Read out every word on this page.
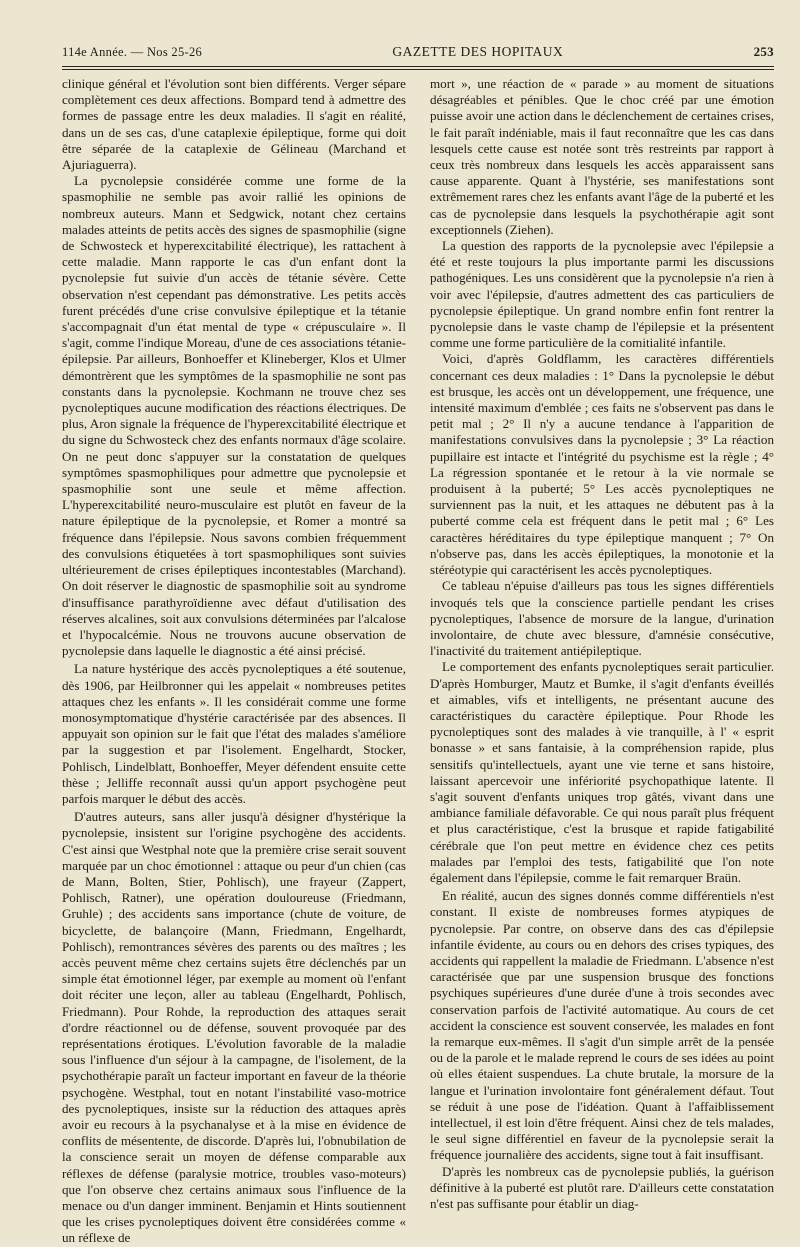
114e Année. — Nos 25-26	GAZETTE DES HOPITAUX	253

clinique général et l'évolution sont bien différents. Verger sépare complètement ces deux affections. Bompard tend à admettre des formes de passage entre les deux maladies. Il s'agit en réalité, dans un de ses cas, d'une cataplexie épileptique, forme qui doit être séparée de la cataplexie de Gélineau (Marchand et Ajuriaguerra).

La pycnolepsie considérée comme une forme de la spasmophilie ne semble pas avoir rallié les opinions de nombreux auteurs. Mann et Sedgwick, notant chez certains malades atteints de petits accès des signes de spasmophilie (signe de Schwosteck et hyperexcitabilité électrique), les rattachent à cette maladie. Mann rapporte le cas d'un enfant dont la pycnolepsie fut suivie d'un accès de tétanie sévère. Cette observation n'est cependant pas démonstrative. Les petits accès furent précédés d'une crise convulsive épileptique et la tétanie s'accompagnait d'un état mental de type « crépusculaire ». Il s'agit, comme l'indique Moreau, d'une de ces associations tétanie-épilepsie. Par ailleurs, Bonhoeffer et Klineberger, Klos et Ulmer démontrèrent que les symptômes de la spasmophilie ne sont pas constants dans la pycnolepsie. Kochmann ne trouve chez ses pycnoleptiques aucune modification des réactions électriques. De plus, Aron signale la fréquence de l'hyperexcitabilité électrique et du signe du Schwosteck chez des enfants normaux d'âge scolaire. On ne peut donc s'appuyer sur la constatation de quelques symptômes spasmophiliques pour admettre que pycnolepsie et spasmophilie sont une seule et même affection. L'hyperexcitabilité neuro-musculaire est plutôt en faveur de la nature épileptique de la pycnolepsie, et Romer a montré sa fréquence dans l'épilepsie. Nous savons combien fréquemment des convulsions étiquetées à tort spasmophiliques sont suivies ultérieurement de crises épileptiques incontestables (Marchand). On doit réserver le diagnostic de spasmophilie soit au syndrome d'insuffisance parathyroïdienne avec défaut d'utilisation des réserves alcalines, soit aux convulsions déterminées par l'alcalose et l'hypocalcémie. Nous ne trouvons aucune observation de pycnolepsie dans laquelle le diagnostic a été ainsi précisé.

La nature hystérique des accès pycnoleptiques a été soutenue, dès 1906, par Heilbronner qui les appelait « nombreuses petites attaques chez les enfants ». Il les considérait comme une forme monosymptomatique d'hystérie caractérisée par des absences. Il appuyait son opinion sur le fait que l'état des malades s'améliore par la suggestion et par l'isolement. Engelhardt, Stocker, Pohlisch, Lindelblatt, Bonhoeffer, Meyer défendent ensuite cette thèse ; Jelliffe reconnaît aussi qu'un apport psychogène peut parfois marquer le début des accès.

D'autres auteurs, sans aller jusqu'à désigner d'hystérique la pycnolepsie, insistent sur l'origine psychogène des accidents. C'est ainsi que Westphal note que la première crise serait souvent marquée par un choc émotionnel : attaque ou peur d'un chien (cas de Mann, Bolten, Stier, Pohlisch), une frayeur (Zappert, Pohlisch, Ratner), une opération douloureuse (Friedmann, Gruhle) ; des accidents sans importance (chute de voiture, de bicyclette, de balançoire (Mann, Friedmann, Engelhardt, Pohlisch), remontrances sévères des parents ou des maîtres ; les accès peuvent même chez certains sujets être déclenchés par un simple état émotionnel léger, par exemple au moment où l'enfant doit réciter une leçon, aller au tableau (Engelhardt, Pohlisch, Friedmann). Pour Rohde, la reproduction des attaques serait d'ordre réactionnel ou de défense, souvent provoquée par des représentations érotiques. L'évolution favorable de la maladie sous l'influence d'un séjour à la campagne, de l'isolement, de la psychothérapie paraît un facteur important en faveur de la théorie psychogène. Westphal, tout en notant l'instabilité vaso-motrice des pycnoleptiques, insiste sur la réduction des attaques après avoir eu recours à la psychanalyse et à la mise en évidence de conflits de mésentente, de discorde. D'après lui, l'obnubilation de la conscience serait un moyen de défense comparable aux réflexes de défense (paralysie motrice, troubles vaso-moteurs) que l'on observe chez certains animaux sous l'influence de la menace ou d'un danger imminent. Benjamin et Hints soutiennent que les crises pycnoleptiques doivent être considérées comme « un réflexe de

mort », une réaction de « parade » au moment de situations désagréables et pénibles. Que le choc créé par une émotion puisse avoir une action dans le déclenchement de certaines crises, le fait paraît indéniable, mais il faut reconnaître que les cas dans lesquels cette cause est notée sont très restreints par rapport à ceux très nombreux dans lesquels les accès apparaissent sans cause apparente. Quant à l'hystérie, ses manifestations sont extrêmement rares chez les enfants avant l'âge de la puberté et les cas de pycnolepsie dans lesquels la psychothérapie agit sont exceptionnels (Ziehen).

La question des rapports de la pycnolepsie avec l'épilepsie a été et reste toujours la plus importante parmi les discussions pathogéniques. Les uns considèrent que la pycnolepsie n'a rien à voir avec l'épilepsie, d'autres admettent des cas particuliers de pycnolepsie épileptique. Un grand nombre enfin font rentrer la pycnolepsie dans le vaste champ de l'épilepsie et la présentent comme une forme particulière de la comitialité infantile.

Voici, d'après Goldflamm, les caractères différentiels concernant ces deux maladies : 1° Dans la pycnolepsie le début est brusque, les accès ont un développement, une fréquence, une intensité maximum d'emblée ; ces faits ne s'observent pas dans le petit mal ; 2° Il n'y a aucune tendance à l'apparition de manifestations convulsives dans la pycnolepsie ; 3° La réaction pupillaire est intacte et l'intégrité du psychisme est la règle ; 4° La régression spontanée et le retour à la vie normale se produisent à la puberté; 5° Les accès pycnoleptiques ne surviennent pas la nuit, et les attaques ne débutent pas à la puberté comme cela est fréquent dans le petit mal ; 6° Les caractères héréditaires du type épileptique manquent ; 7° On n'observe pas, dans les accès épileptiques, la monotonie et la stéréotypie qui caractérisent les accès pycnoleptiques.

Ce tableau n'épuise d'ailleurs pas tous les signes différentiels invoqués tels que la conscience partielle pendant les crises pycnoleptiques, l'absence de morsure de la langue, d'urination involontaire, de chute avec blessure, d'amnésie consécutive, l'inactivité du traitement antiépileptique.

Le comportement des enfants pycnoleptiques serait particulier. D'après Homburger, Mautz et Bumke, il s'agit d'enfants éveillés et aimables, vifs et intelligents, ne présentant aucune des caractéristiques du caractère épileptique. Pour Rhode les pycnoleptiques sont des malades à vie tranquille, à l' « esprit bonasse » et sans fantaisie, à la compréhension rapide, plus sensitifs qu'intellectuels, ayant une vie terne et sans histoire, laissant apercevoir une infériorité psychopathique latente. Il s'agit souvent d'enfants uniques trop gâtés, vivant dans une ambiance familiale défavorable. Ce qui nous paraît plus fréquent et plus caractéristique, c'est la brusque et rapide fatigabilité cérébrale que l'on peut mettre en évidence chez ces petits malades par l'emploi des tests, fatigabilité que l'on note également dans l'épilepsie, comme le fait remarquer Braün.

En réalité, aucun des signes donnés comme différentiels n'est constant. Il existe de nombreuses formes atypiques de pycnolepsie. Par contre, on observe dans des cas d'épilepsie infantile évidente, au cours ou en dehors des crises typiques, des accidents qui rappellent la maladie de Friedmann. L'absence n'est caractérisée que par une suspension brusque des fonctions psychiques supérieures d'une durée d'une à trois secondes avec conservation parfois de l'activité automatique. Au cours de cet accident la conscience est souvent conservée, les malades en font la remarque eux-mêmes. Il s'agit d'un simple arrêt de la pensée ou de la parole et le malade reprend le cours de ses idées au point où elles étaient suspendues. La chute brutale, la morsure de la langue et l'urination involontaire font généralement défaut. Tout se réduit à une pose de l'idéation. Quant à l'affaiblissement intellectuel, il est loin d'être fréquent. Ainsi chez de tels malades, le seul signe différentiel en faveur de la pycnolepsie serait la fréquence journalière des accidents, signe tout à fait insuffisant.

D'après les nombreux cas de pycnolepsie publiés, la guérison définitive à la puberté est plutôt rare. D'ailleurs cette constatation n'est pas suffisante pour établir un diag-
